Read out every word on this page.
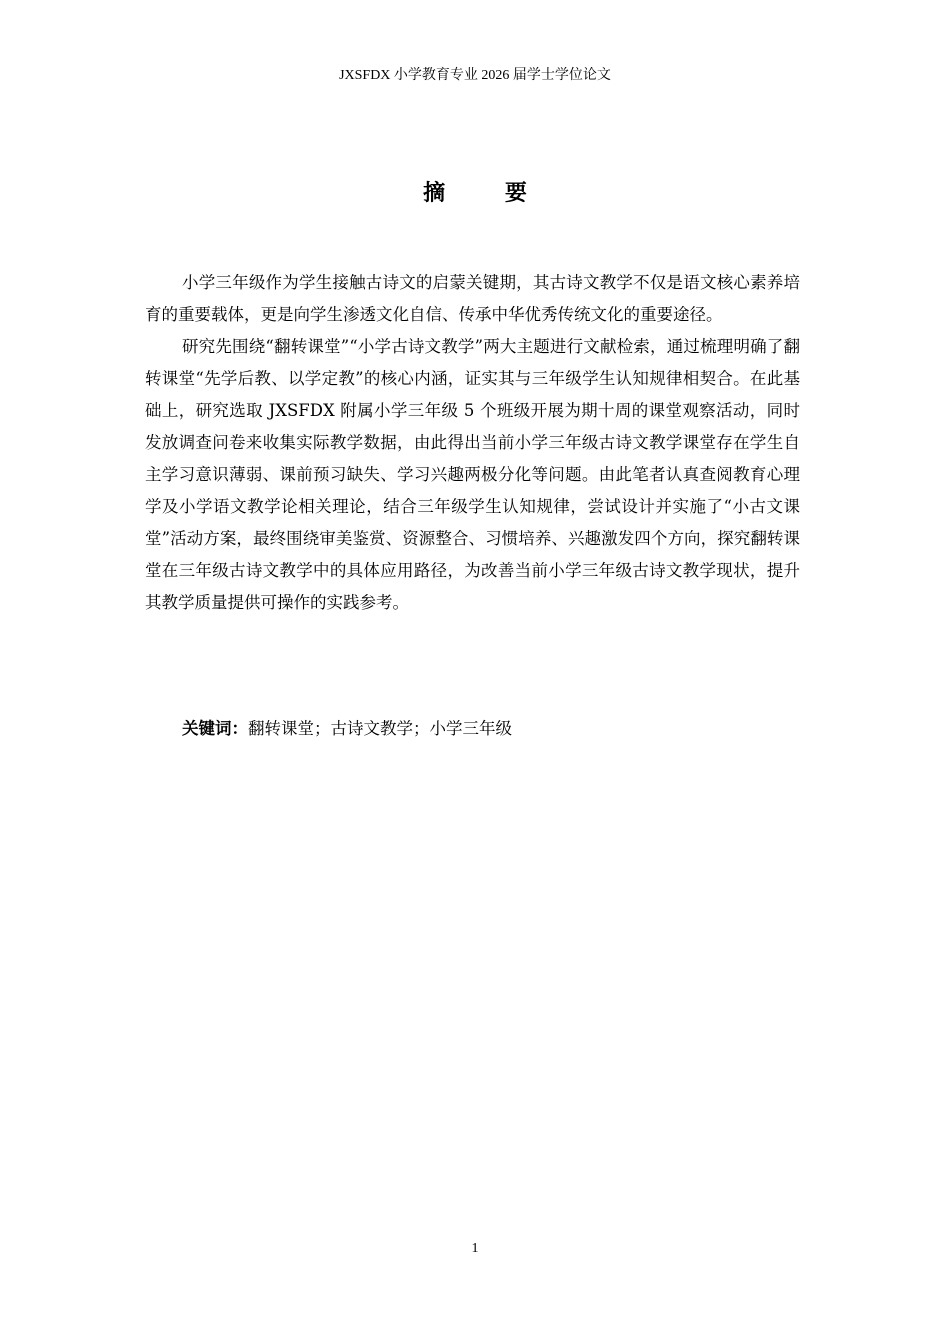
JXSFDX 小学教育专业 2026 届学士学位论文
摘 要

小学三年级作为学生接触古诗文的启蒙关键期，其古诗文教学不仅是语文核心素养培育的重要载体，更是向学生渗透文化自信、传承中华优秀传统文化的重要途径。

研究先围绕“翻转课堂”“小学古诗文教学”两大主题进行文献检索，通过梳理明确了翻转课堂“先学后教、以学定教”的核心内涵，证实其与三年级学生认知规律相契合。在此基础上，研究选取 JXSFDX 附属小学三年级 5 个班级开展为期十周的课堂观察活动，同时发放调查问卷来收集实际教学数据，由此得出当前小学三年级古诗文教学课堂存在学生自主学习意识薄弱、课前预习缺失、学习兴趣两极分化等问题。由此笔者认真查阅教育心理学及小学语文教学论相关理论，结合三年级学生认知规律，尝试设计并实施了“小古文课堂”活动方案，最终围绕审美鉴赏、资源整合、习惯培养、兴趣激发四个方向，探究翻转课堂在三年级古诗文教学中的具体应用路径，为改善当前小学三年级古诗文教学现状，提升其教学质量提供可操作的实践参考。

关键词：翻转课堂；古诗文教学；小学三年级
1
